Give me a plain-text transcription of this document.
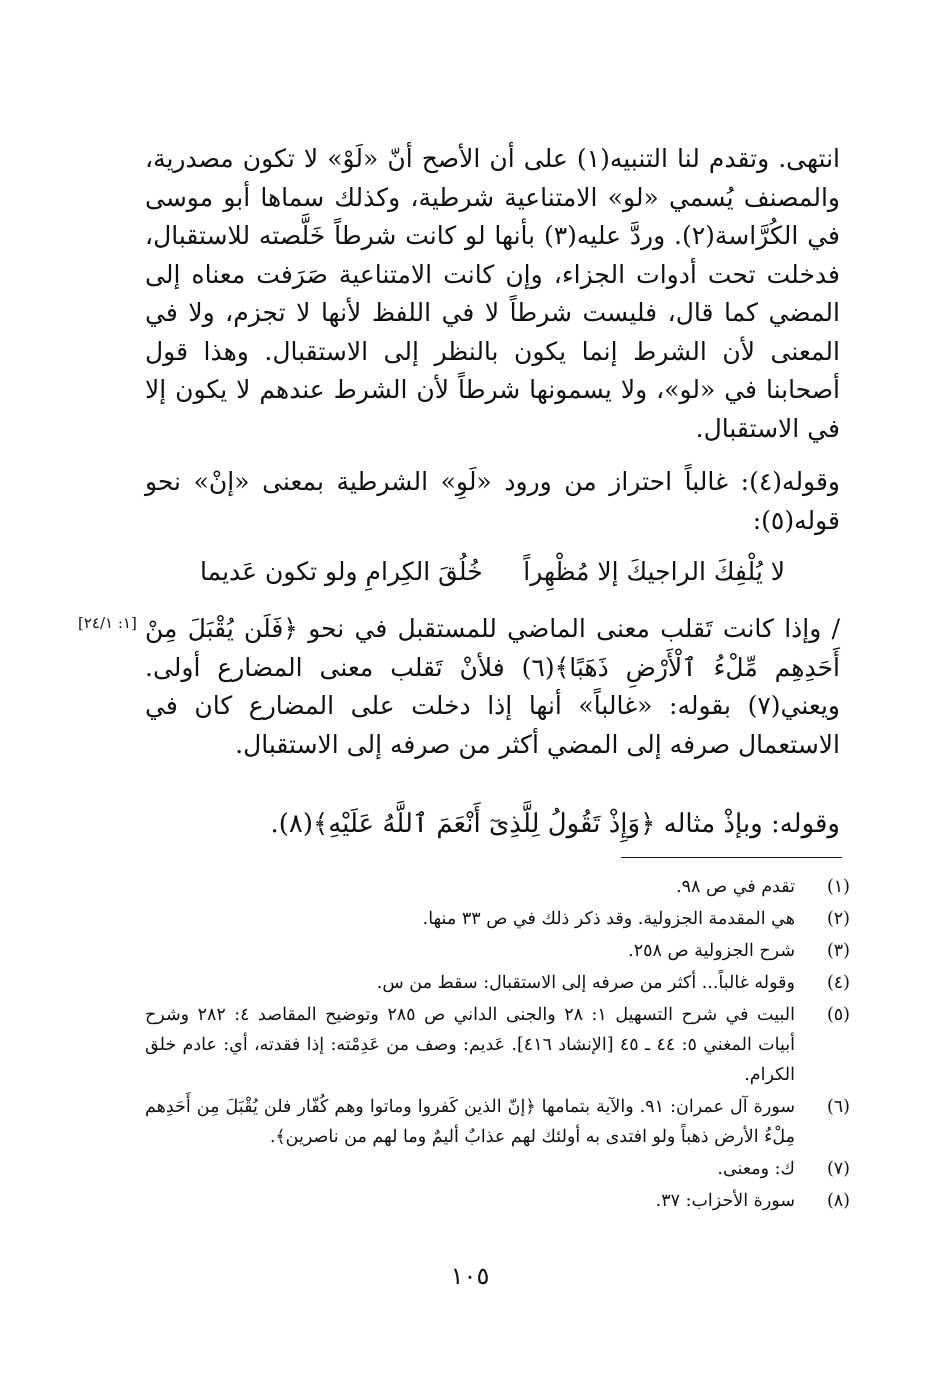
انتهى. وتقدم لنا التنبيه(١) على أن الأصح أنّ «لَوْ» لا تكون مصدرية، والمصنف يُسمي «لو» الامتناعية شرطية، وكذلك سماها أبو موسى في الكُرَّاسة(٢). وردَّ عليه(٣) بأنها لو كانت شرطاً خَلَّصته للاستقبال، فدخلت تحت أدوات الجزاء، وإن كانت الامتناعية صَرَفت معناه إلى المضي كما قال، فليست شرطاً لا في اللفظ لأنها لا تجزم، ولا في المعنى لأن الشرط إنما يكون بالنظر إلى الاستقبال. وهذا قول أصحابنا في «لو»، ولا يسمونها شرطاً لأن الشرط عندهم لا يكون إلا في الاستقبال.
وقوله(٤): غالباً احتراز من ورود «لَوِ» الشرطية بمعنى «إنْ» نحو قوله(٥):
لا يُلْفِكَ الراجيكَ إلا مُظْهِراً
خُلُقَ الكِرامِ ولو تكون عَديما
[١: ٢٤/١] / وإذا كانت تَقلب معنى الماضي للمستقبل في نحو ﴿فَلَن يُقْبَلَ مِنْ أَحَدِهِم مِّلْءُ ٱلْأَرْضِ ذَهَبًا﴾(٦) فلأنْ تَقلب معنى المضارع أولى. ويعني(٧) بقوله: «غالباً» أنها إذا دخلت على المضارع كان في الاستعمال صرفه إلى المضي أكثر من صرفه إلى الاستقبال.
وقوله: وبإذْ مثاله ﴿وَإِذْ تَقُولُ لِلَّذِىٓ أَنْعَمَ ٱللَّهُ عَلَيْهِ﴾(٨).
(١)
تقدم في ص ٩٨.
(٢)
هي المقدمة الجزولية. وقد ذكر ذلك في ص ٣٣ منها.
(٣)
شرح الجزولية ص ٢٥٨.
(٤)
وقوله غالباً... أكثر من صرفه إلى الاستقبال: سقط من س.
(٥)
البيت في شرح التسهيل ١: ٢٨ والجنى الداني ص ٢٨٥ وتوضيح المقاصد ٤: ٢٨٢ وشرح أبيات المغني ٥: ٤٤ ـ ٤٥ [الإنشاد ٤١٦]. عَديم: وصف من عَدِمْته: إذا فقدته، أي: عادم خلق الكرام.
(٦)
سورة آل عمران: ٩١. والآية بتمامها ﴿إنّ الذين كَفروا وماتوا وهم كُفّار فلن يُقْبَلَ مِن أَحَدِهم مِلْءُ الأرض ذهباً ولو افتدى به أولئك لهم عذابٌ أليمٌ وما لهم من ناصرين﴾.
(٧)
ك: ومعنى.
(٨)
سورة الأحزاب: ٣٧.
١٠٥
